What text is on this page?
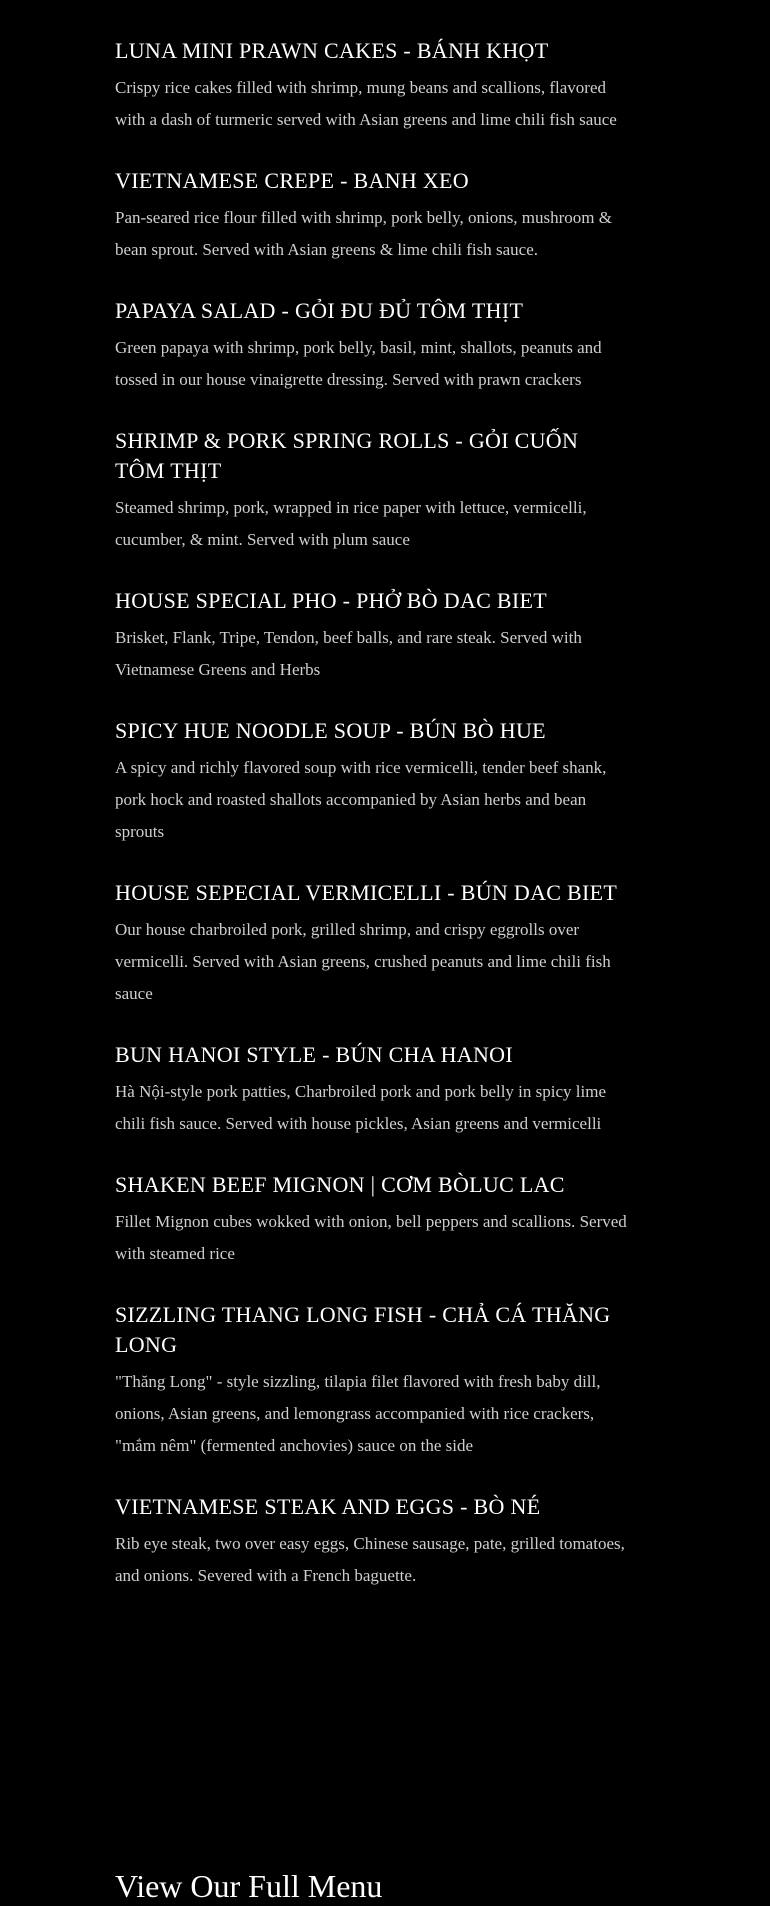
LUNA MINI PRAWN CAKES - BÁNH KHỌT

Crispy rice cakes filled with shrimp, mung beans and scallions, flavored with a dash of turmeric served with Asian greens and lime chili fish sauce

VIETNAMESE CREPE - BANH XEO

Pan-seared rice flour filled with shrimp, pork belly, onions, mushroom & bean sprout. Served with Asian greens & lime chili fish sauce.

PAPAYA SALAD - GỎI ĐU ĐỦ TÔM THỊT

Green papaya with shrimp, pork belly, basil, mint, shallots, peanuts and tossed in our house vinaigrette dressing. Served with prawn crackers

SHRIMP & PORK SPRING ROLLS - GỎI CUỐN TÔM THỊT

Steamed shrimp, pork, wrapped in rice paper with lettuce, vermicelli, cucumber, & mint. Served with plum sauce

HOUSE SPECIAL PHO - PHỞ BÒ DAC BIET

Brisket, Flank, Tripe, Tendon, beef balls, and rare steak. Served with Vietnamese Greens and Herbs

SPICY HUE NOODLE SOUP - BÚN BÒ HUE

A spicy and richly flavored soup with rice vermicelli, tender beef shank, pork hock and roasted shallots accompanied by Asian herbs and bean sprouts

HOUSE SEPECIAL VERMICELLI - BÚN DAC BIET

Our house charbroiled pork, grilled shrimp, and crispy eggrolls over vermicelli. Served with Asian greens, crushed peanuts and lime chili fish sauce

BUN HANOI STYLE - BÚN CHA HANOI

Hà Nội-style pork patties, Charbroiled pork and pork belly in spicy lime chili fish sauce. Served with house pickles, Asian greens and vermicelli

SHAKEN BEEF MIGNON | CƠM BÒLUC LAC

Fillet Mignon cubes wokked with onion, bell peppers and scallions. Served with steamed rice

SIZZLING THANG LONG FISH - CHẢ CÁ THĂNG LONG

"Thăng Long" - style sizzling, tilapia filet flavored with fresh baby dill, onions, Asian greens, and lemongrass accompanied with rice crackers, "mắm nêm" (fermented anchovies) sauce on the side

VIETNAMESE STEAK AND EGGS - BÒ NÉ

Rib eye steak, two over easy eggs, Chinese sausage, pate, grilled tomatoes, and onions. Severed with a French baguette.

View Our Full Menu
